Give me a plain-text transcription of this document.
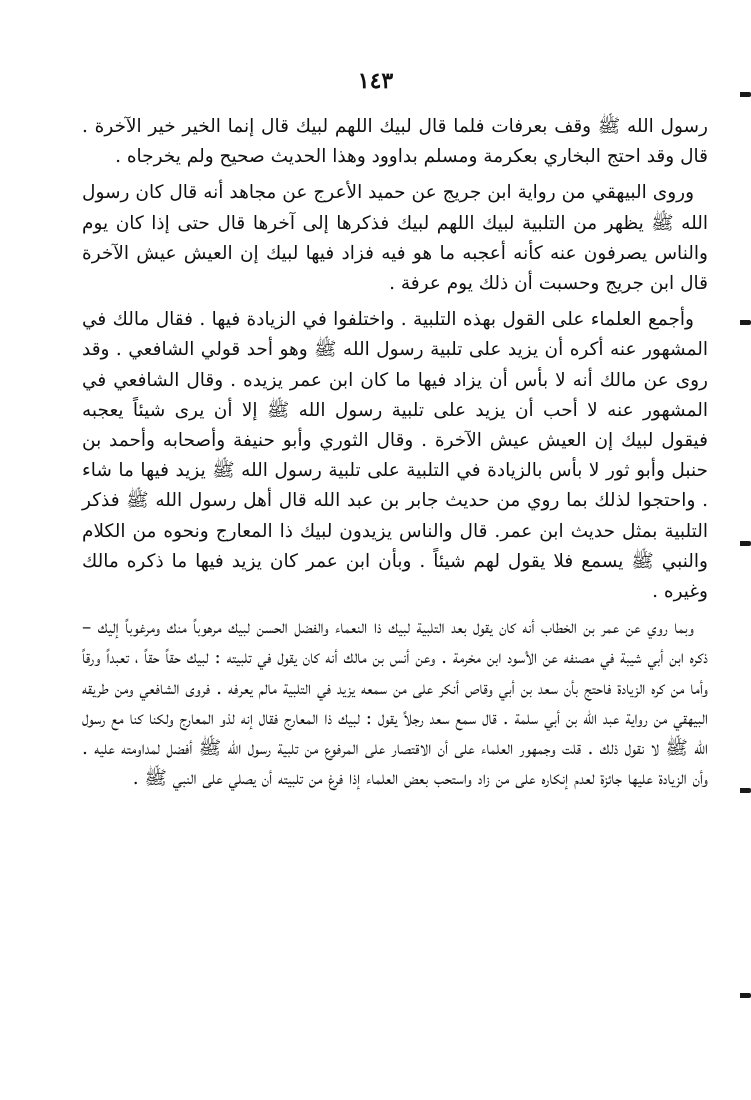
١٤٣

رسول الله ﷺ وقف بعرفات فلما قال لبيك اللهم لبيك قال إنما الخير خير الآخرة . قال وقد احتج البخاري بعكرمة ومسلم بداوود وهذا الحديث صحيح ولم يخرجاه .

وروى البيهقي من رواية ابن جريج عن حميد الأعرج عن مجاهد أنه قال كان رسول الله ﷺ يظهر من التلبية لبيك اللهم لبيك فذكرها إلى آخرها قال حتى إذا كان يوم والناس يصرفون عنه كأنه أعجبه ما هو فيه فزاد فيها لبيك إن العيش عيش الآخرة قال ابن جريج وحسبت أن ذلك يوم عرفة .

وأجمع العلماء على القول بهذه التلبية . واختلفوا في الزيادة فيها . فقال مالك في المشهور عنه أكره أن يزيد على تلبية رسول الله ﷺ وهو أحد قولي الشافعي . وقد روى عن مالك أنه لا بأس أن يزاد فيها ما كان ابن عمر يزيده . وقال الشافعي في المشهور عنه لا أحب أن يزيد على تلبية رسول الله ﷺ إلا أن يرى شيئاً يعجبه فيقول لبيك إن العيش عيش الآخرة . وقال الثوري وأبو حنيفة وأصحابه وأحمد بن حنبل وأبو ثور لا بأس بالزيادة في التلبية على تلبية رسول الله ﷺ يزيد فيها ما شاء . واحتجوا لذلك بما روي من حديث جابر بن عبد الله قال أهل رسول الله ﷺ فذكر التلبية بمثل حديث ابن عمر. قال والناس يزيدون لبيك ذا المعارج ونحوه من الكلام والنبي ﷺ يسمع فلا يقول لهم شيئاً . وبأن ابن عمر كان يزيد فيها ما ذكره مالك وغيره .

وبما روي عن عمر بن الخطاب أنه كان يقول بعد التلبية لبيك ذا النعماء والفضل الحسن لبيك مرهوباً منك ومرغوباً إليك – ذكره ابن أبي شيبة في مصنفه عن الأسود ابن مخرمة . وعن أنس بن مالك أنه كان يقول في تلبيته : لبيك حقاً حقاً ، تعبداً ورقاً وأما من كره الزيادة فاحتج بأن سعد بن أبي وقاص أنكر على من سمعه يزيد في التلبية مالم يعرفه . فروى الشافعي ومن طريقه البيهقي من رواية عبد الله بن أبي سلمة . قال سمع سعد رجلاً يقول : لبيك ذا المعارج فقال إنه لذو المعارج ولكنا كنا مع رسول الله ﷺ لا نقول ذلك . قلت وجمهور العلماء على أن الاقتصار على المرفوع من تلبية رسول الله ﷺ أفضل لمداومته عليه . وأن الزيادة عليها جائزة لعدم إنكاره على من زاد واستحب بعض العلماء إذا فرغ من تلبيته أن يصلي على النبي ﷺ .
